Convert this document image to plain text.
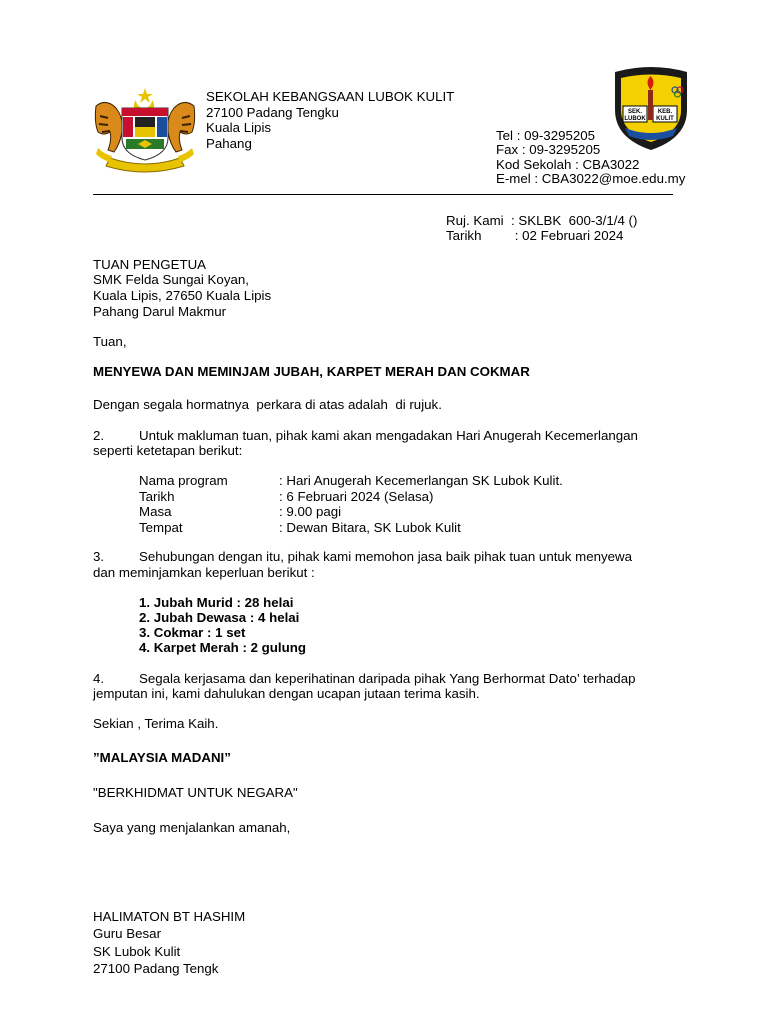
SEKOLAH KEBANGSAAN LUBOK KULIT
27100 Padang Tengku
Kuala Lipis
Pahang
SEK.	KEB.
LUBOK KULIT
Tel : 09-3295205
Fax : 09-3295205
Kod Sekolah : CBA3022
E-mel : CBA3022@moe.edu.my
Ruj. Kami  : SKLBK  600-3/1/4 ()
Tarikh         : 02 Februari 2024
TUAN PENGETUA
SMK Felda Sungai Koyan,
Kuala Lipis, 27650 Kuala Lipis
Pahang Darul Makmur
Tuan,
MENYEWA DAN MEMINJAM JUBAH, KARPET MERAH DAN COKMAR
Dengan segala hormatnya  perkara di atas adalah  di rujuk.
2.	Untuk makluman tuan, pihak kami akan mengadakan Hari Anugerah Kecemerlangan
seperti ketetapan berikut:
Nama program	: Hari Anugerah Kecemerlangan SK Lubok Kulit.
Tarikh	: 6 Februari 2024 (Selasa)
Masa	: 9.00 pagi
Tempat	: Dewan Bitara, SK Lubok Kulit
3.	Sehubungan dengan itu, pihak kami memohon jasa baik pihak tuan untuk menyewa
dan meminjamkan keperluan berikut :
1. Jubah Murid : 28 helai
2. Jubah Dewasa : 4 helai
3. Cokmar : 1 set
4. Karpet Merah : 2 gulung
4.	Segala kerjasama dan keperihatinan daripada pihak Yang Berhormat Dato’ terhadap
jemputan ini, kami dahulukan dengan ucapan jutaan terima kasih.
Sekian , Terima Kaih.
”MALAYSIA MADANI”
"BERKHIDMAT UNTUK NEGARA"
Saya yang menjalankan amanah,
HALIMATON BT HASHIM
Guru Besar
SK Lubok Kulit
27100 Padang Tengk
